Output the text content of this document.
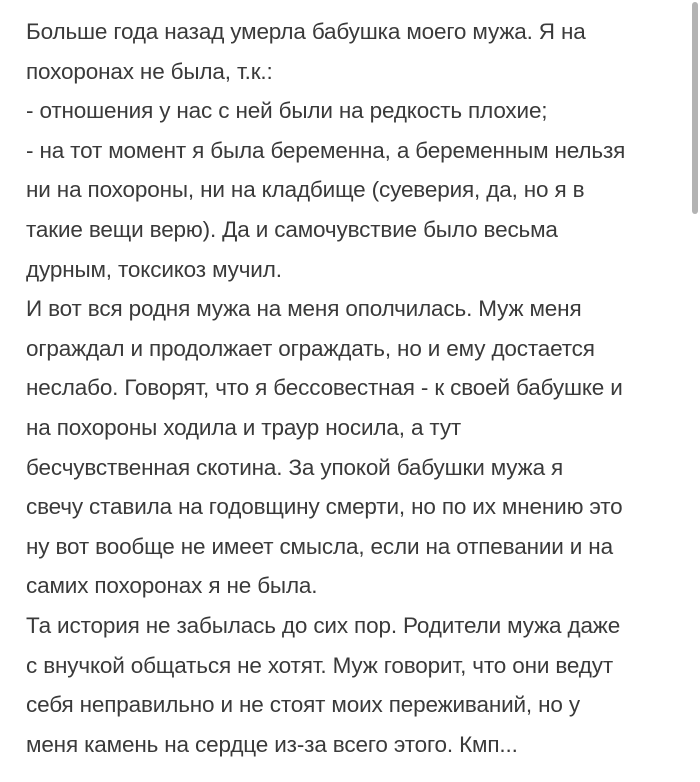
Больше года назад умерла бабушка моего мужа. Я на
похоронах не была, т.к.:
- отношения у нас с ней были на редкость плохие;
- на тот момент я была беременна, а беременным нельзя
ни на похороны, ни на кладбище (суеверия, да, но я в
такие вещи верю). Да и самочувствие было весьма
дурным, токсикоз мучил.
И вот вся родня мужа на меня ополчилась. Муж меня
ограждал и продолжает ограждать, но и ему достается
неслабо. Говорят, что я бессовестная - к своей бабушке и
на похороны ходила и траур носила, а тут
бесчувственная скотина. За упокой бабушки мужа я
свечу ставила на годовщину смерти, но по их мнению это
ну вот вообще не имеет смысла, если на отпевании и на
самих похоронах я не была.
Та история не забылась до сих пор. Родители мужа даже
с внучкой общаться не хотят. Муж говорит, что они ведут
себя неправильно и не стоят моих переживаний, но у
меня камень на сердце из-за всего этого. Кмп...
